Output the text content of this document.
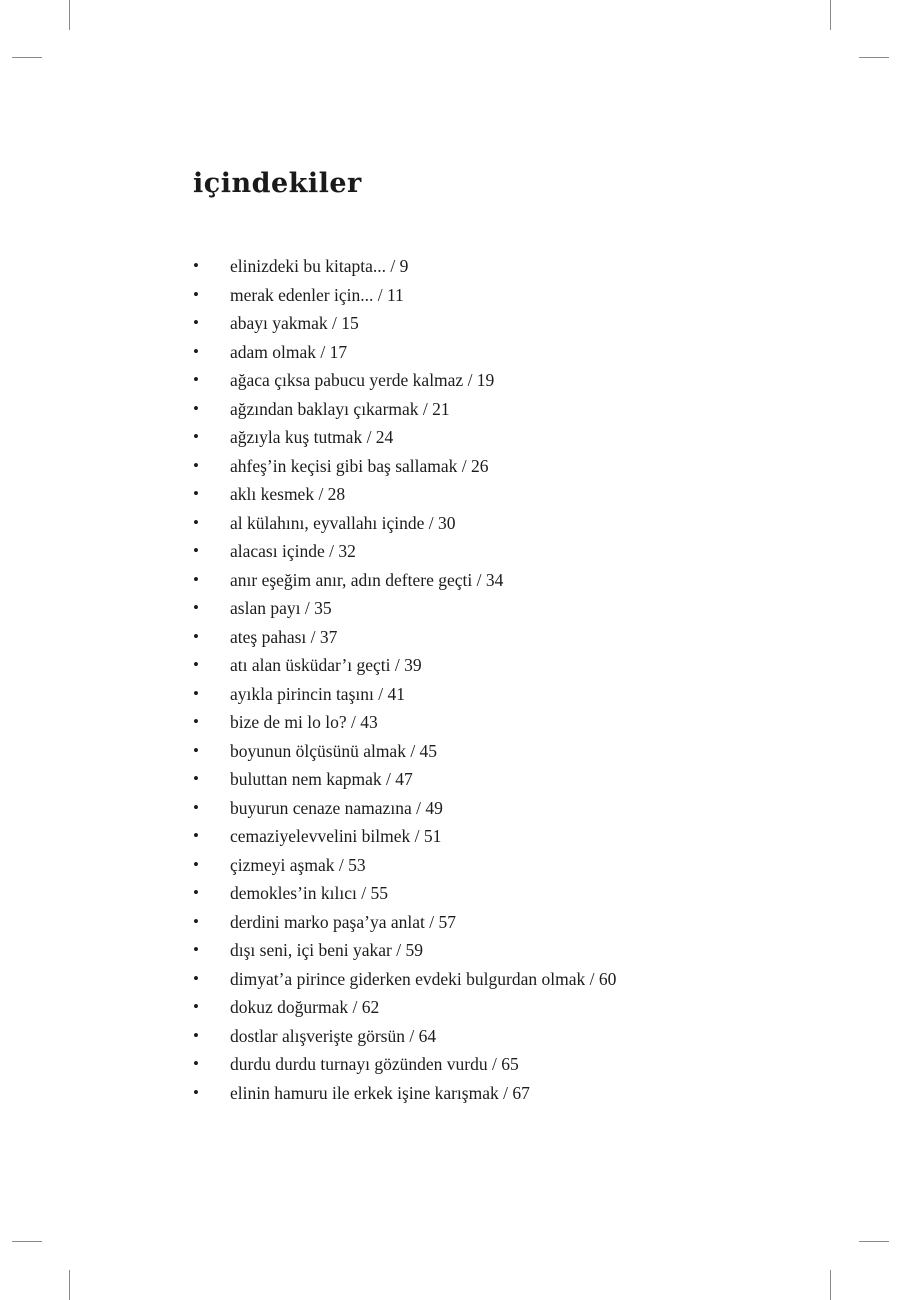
içindekiler
• elinizdeki bu kitapta... / 9
• merak edenler için... / 11
• abayı yakmak / 15
• adam olmak / 17
• ağaca çıksa pabucu yerde kalmaz / 19
• ağzından baklayı çıkarmak / 21
• ağzıyla kuş tutmak / 24
• ahfeş’in keçisi gibi baş sallamak / 26
• aklı kesmek / 28
• al külahını, eyvallahı içinde / 30
• alacası içinde / 32
• anır eşeğim anır, adın deftere geçti / 34
• aslan payı / 35
• ateş pahası / 37
• atı alan üsküdar’ı geçti / 39
• ayıkla pirincin taşını / 41
• bize de mi lo lo? / 43
• boyunun ölçüsünü almak / 45
• buluttan nem kapmak / 47
• buyurun cenaze namazına / 49
• cemaziyelevvelini bilmek / 51
• çizmeyi aşmak / 53
• demokles’in kılıcı / 55
• derdini marko paşa’ya anlat / 57
• dışı seni, içi beni yakar / 59
• dimyat’a pirince giderken evdeki bulgurdan olmak / 60
• dokuz doğurmak / 62
• dostlar alışverişte görsün / 64
• durdu durdu turnayı gözünden vurdu / 65
• elinin hamuru ile erkek işine karışmak / 67
